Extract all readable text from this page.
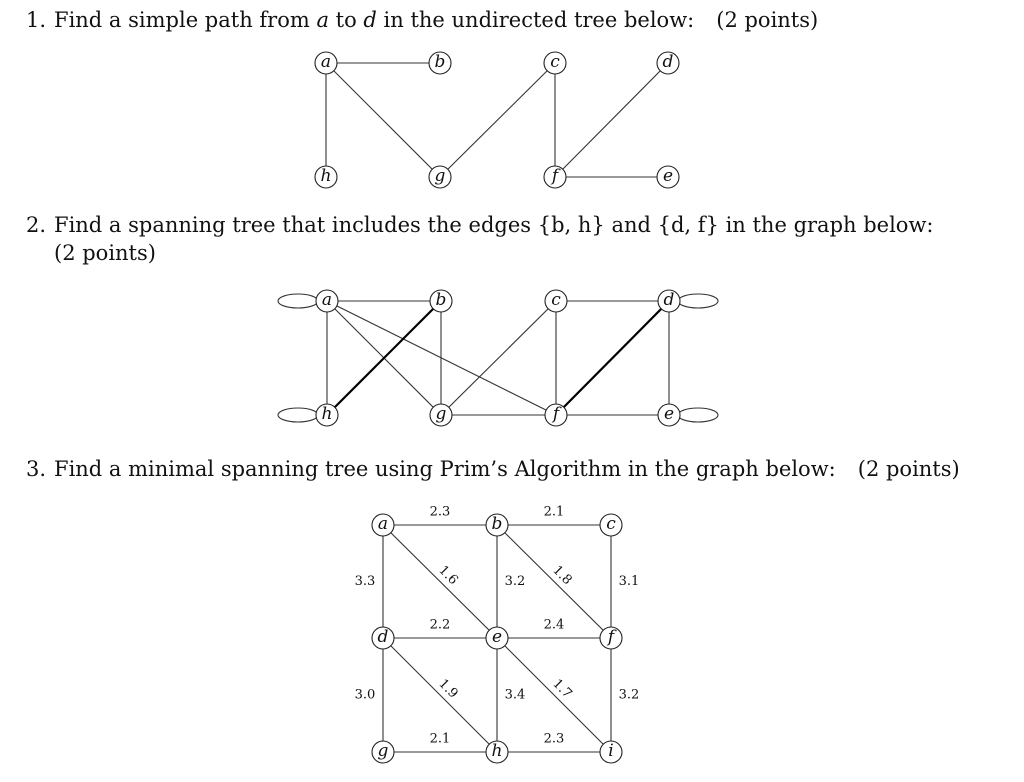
1. Find a simple path from a to d in the undirected tree below: (2 points)
a	b	c	d
h	g	f	e
2. Find a spanning tree that includes the edges {b, h} and {d, f} in the graph below:
(2 points)
a	b	c	d
h	g	f	e
3. Find a minimal spanning tree using Prim’s Algorithm in the graph below: (2 points)
2.3	2.1
3.3	1.6	3.2 1.8	3.1
2.2	2.4
3.0	1.9	3.4 1.7	3.2
2.1	2.3
a	b	c
d	e	f
g	h	i
